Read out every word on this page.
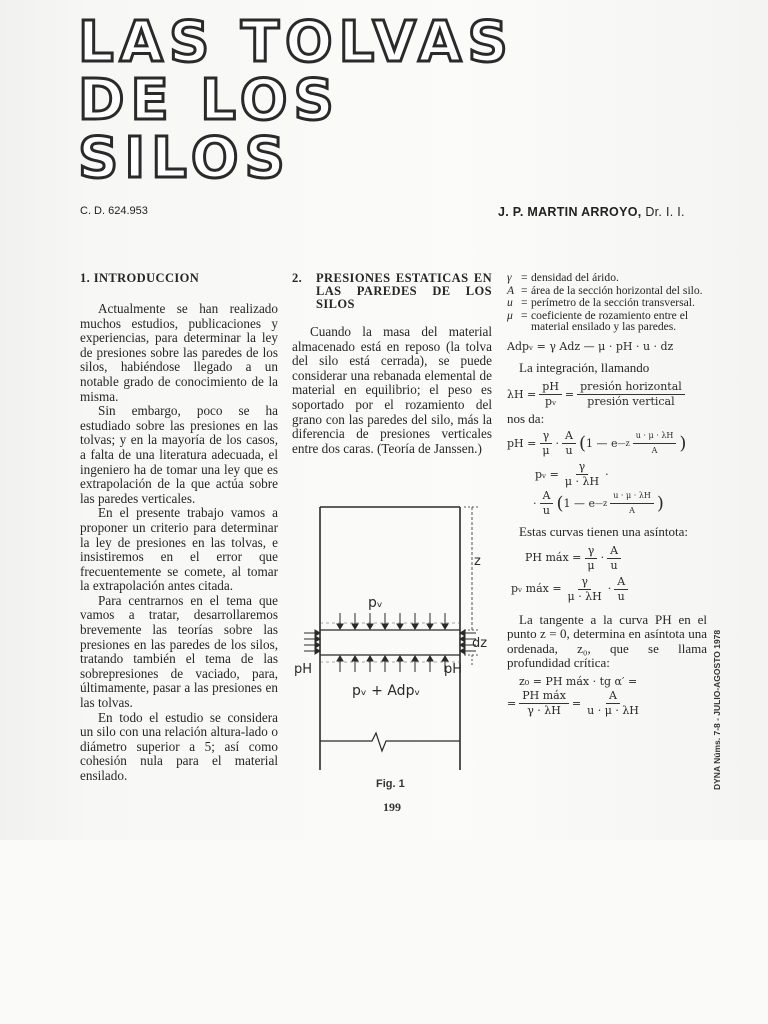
LAS TOLVAS
DE LOS SILOS
C. D. 624.953	J. P. MARTIN ARROYO, Dr. I. I.
1. INTRODUCCION

Actualmente se han realizado muchos estudios, publicaciones y experiencias, para determinar la ley de presiones sobre las paredes de los silos, habiéndose llegado a un notable grado de conocimiento de la misma.

Sin embargo, poco se ha estudiado sobre las presiones en las tolvas; y en la mayoría de los casos, a falta de una literatura adecuada, el ingeniero ha de tomar una ley que es extrapolación de la que actúa sobre las paredes verticales.

En el presente trabajo vamos a proponer un criterio para determinar la ley de presiones en las tolvas, e insistiremos en el error que frecuentemente se comete, al tomar la extrapolación antes citada.

Para centrarnos en el tema que vamos a tratar, desarrollaremos brevemente las teorías sobre las presiones en las paredes de los silos, tratando también el tema de las sobrepresiones de vaciado, para, últimamente, pasar a las presiones en las tolvas.

En todo el estudio se considera un silo con una relación altura-lado o diámetro superior a 5; así como cohesión nula para el material ensilado.

2. PRESIONES ESTATICAS EN LAS PAREDES DE LOS SILOS

Cuando la masa del material almacenado está en reposo (la tolva del silo está cerrada), se puede considerar una rebanada elemental de material en equilibrio; el peso es soportado por el rozamiento del grano con las paredes del silo, más la diferencia de presiones verticales entre dos caras. (Teoría de Janssen.)

z
dz
pᵥ
pH	pH
pᵥ + Adpᵥ
Fig. 1
γ = densidad del árido.
A = área de la sección horizontal del silo.
u = perímetro de la sección transversal.
μ = coeficiente de rozamiento entre el material ensilado y las paredes.
Adpᵥ = γ Adz — μ · pH · u · dz
La integración, llamando
$\lambda H = \frac{pH}{\text{pᵥ}} = \frac{\text{presión horizontal}}{\text{presión vertical}}$
nos da:
pH = $\frac{\gamma}{\mu} \cdot \frac{A}{u}$ ( 1 — e —z $\frac{u \cdot \mu \cdot \lambda H}{A}$ )
pᵥ = $\frac{\gamma}{\mu \cdot \lambda H}$ ·
· $\frac{A}{u}$ ( 1 — e —z $\frac{u \cdot \mu \cdot \lambda H}{A}$ )
Estas curvas tienen una asíntota:
PH máx = $\frac{\gamma}{\mu} \cdot \frac{A}{u}$
pᵥ máx = $\frac{\gamma}{\mu \cdot \lambda H} \cdot \frac{A}{u}$
La tangente a la curva PH en el punto z = 0, determina en asíntota una ordenada, z₀, que se llama profundidad crítica:
z₀ = PH máx · tg α′ =
= $\frac{\text{PH máx}}{\gamma \cdot \lambda H} = \frac{A}{u \cdot \mu \cdot \lambda H}$
199
DYNA Núms. 7-8 - JULIO-AGOSTO 1978
